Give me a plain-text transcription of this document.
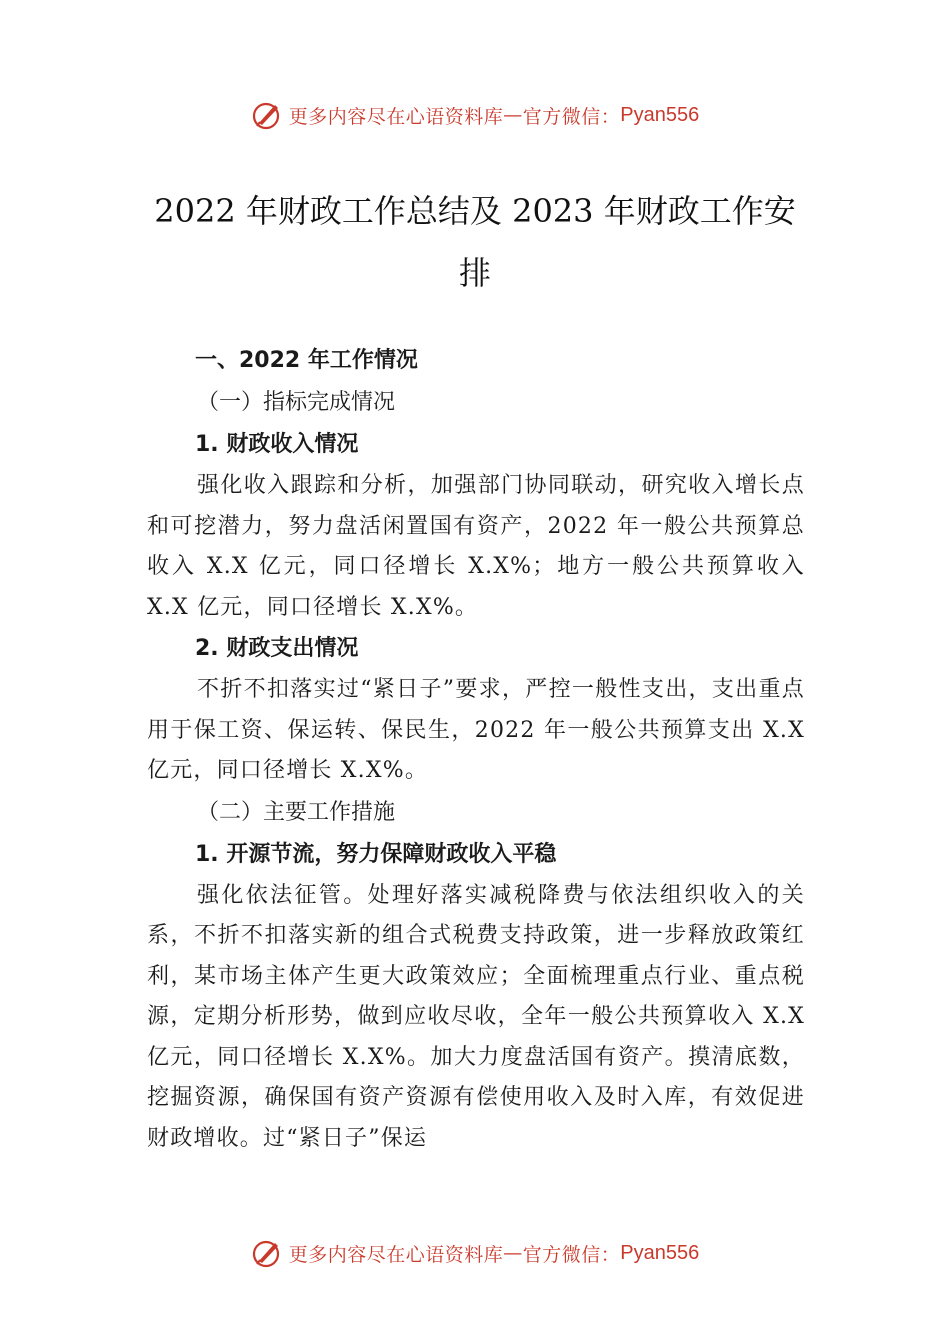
更多内容尽在心语资料库 — 官方微信： Pyan556
2022 年财政工作总结及 2023 年财政工作安排

一、2022 年工作情况

（一）指标完成情况

1. 财政收入情况

强化收入跟踪和分析，加强部门协同联动，研究收入增长点和可挖潜力，努力盘活闲置国有资产，2022 年一般公共预算总收入 X.X 亿元，同口径增长 X.X%；地方一般公共预算收入 X.X 亿元，同口径增长 X.X%。

2. 财政支出情况

不折不扣落实过“紧日子”要求，严控一般性支出，支出重点用于保工资、保运转、保民生，2022 年一般公共预算支出 X.X 亿元，同口径增长 X.X%。

（二）主要工作措施

1. 开源节流，努力保障财政收入平稳

强化依法征管。处理好落实减税降费与依法组织收入的关系，不折不扣落实新的组合式税费支持政策，进一步释放政策红利，某市场主体产生更大政策效应；全面梳理重点行业、重点税源，定期分析形势，做到应收尽收，全年一般公共预算收入 X.X 亿元，同口径增长 X.X%。加大力度盘活国有资产。摸清底数，挖掘资源，确保国有资产资源有偿使用收入及时入库，有效促进财政增收。过“紧日子”保运

更多内容尽在心语资料库 — 官方微信： Pyan556
